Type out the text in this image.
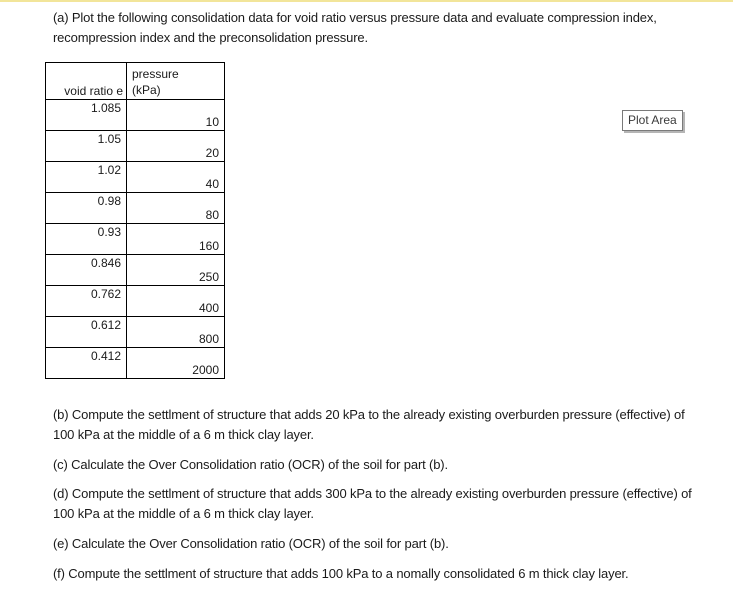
(a) Plot the following consolidation data for void ratio versus pressure data and evaluate compression index, recompression index and the preconsolidation pressure.
void ratio e	pressure (kPa)
1.085	10
1.05	20
1.02	40
0.98	80
0.93	160
0.846	250
0.762	400
0.612	800
0.412	2000
Plot Area
(b) Compute the settlment of structure that adds 20 kPa to the already existing overburden pressure (effective) of 100 kPa at the middle of a 6 m thick clay layer.
(c) Calculate the Over Consolidation ratio (OCR) of the soil for part (b).
(d) Compute the settlment of structure that adds 300 kPa to the already existing overburden pressure (effective) of 100 kPa at the middle of a 6 m thick clay layer.
(e) Calculate the Over Consolidation ratio (OCR) of the soil for part (b).
(f) Compute the settlment of structure that adds 100 kPa to a nomally consolidated 6 m thick clay layer.
